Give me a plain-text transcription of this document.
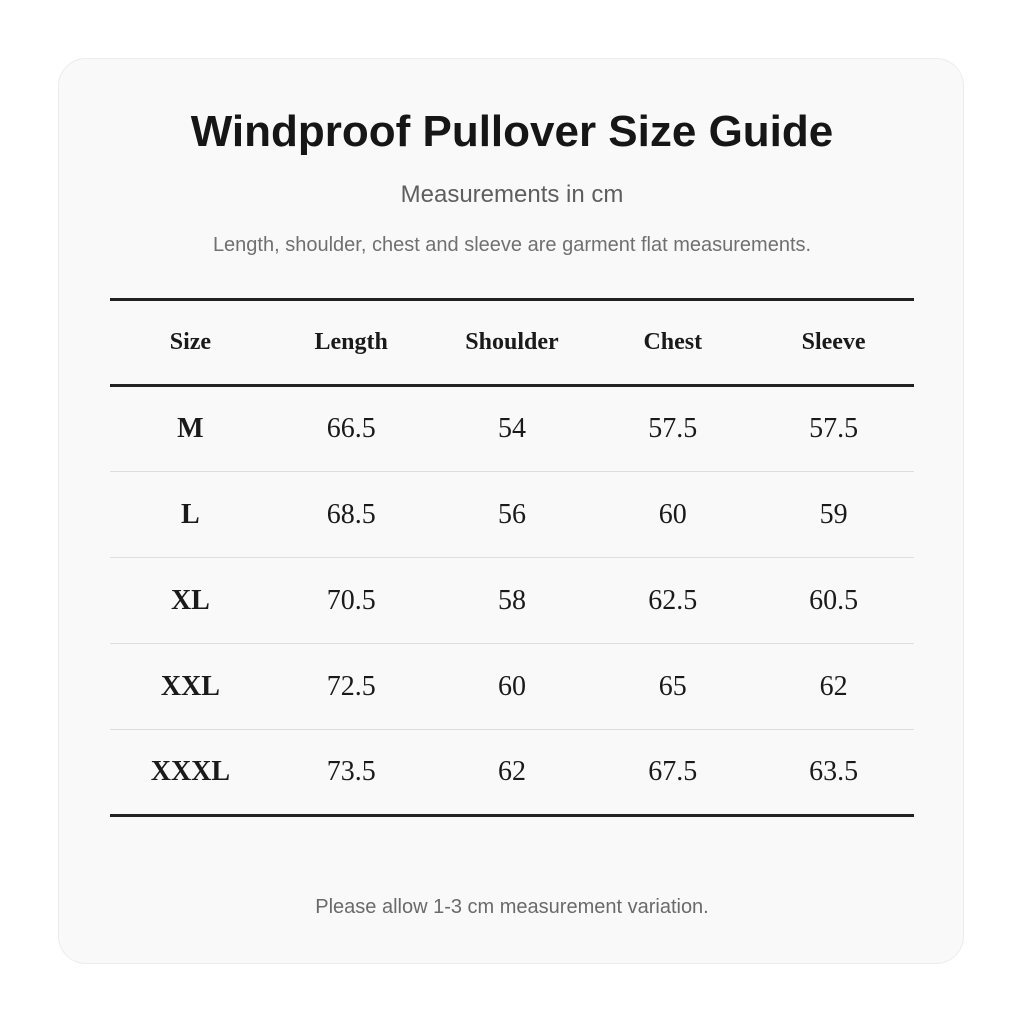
Windproof Pullover Size Guide
Measurements in cm
Length, shoulder, chest and sleeve are garment flat measurements.
Size	Length	Shoulder	Chest	Sleeve
M	66.5	54	57.5	57.5
L	68.5	56	60	59
XL	70.5	58	62.5	60.5
XXL	72.5	60	65	62
XXXL	73.5	62	67.5	63.5
Please allow 1-3 cm measurement variation.
